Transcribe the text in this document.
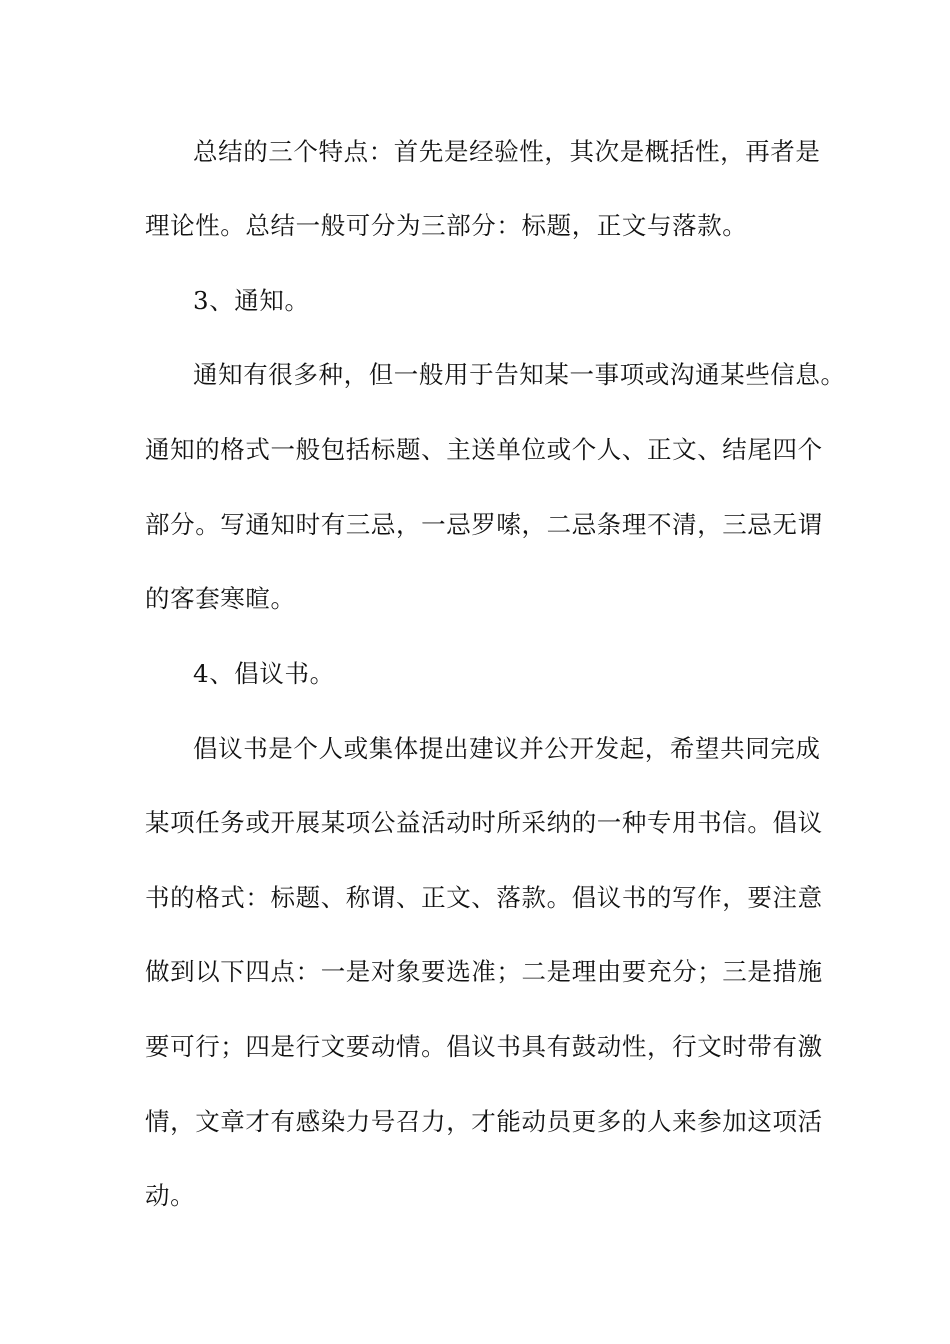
总结的三个特点：首先是经验性，其次是概括性，再者是
理论性。总结一般可分为三部分：标题，正文与落款。
3、通知。
通知有很多种，但一般用于告知某一事项或沟通某些信息。
通知的格式一般包括标题、主送单位或个人、正文、结尾四个
部分。写通知时有三忌，一忌罗嗦，二忌条理不清，三忌无谓
的客套寒暄。
4、倡议书。
倡议书是个人或集体提出建议并公开发起，希望共同完成
某项任务或开展某项公益活动时所采纳的一种专用书信。倡议
书的格式：标题、称谓、正文、落款。倡议书的写作，要注意
做到以下四点：一是对象要选准；二是理由要充分；三是措施
要可行；四是行文要动情。倡议书具有鼓动性，行文时带有激
情，文章才有感染力号召力，才能动员更多的人来参加这项活
动。
